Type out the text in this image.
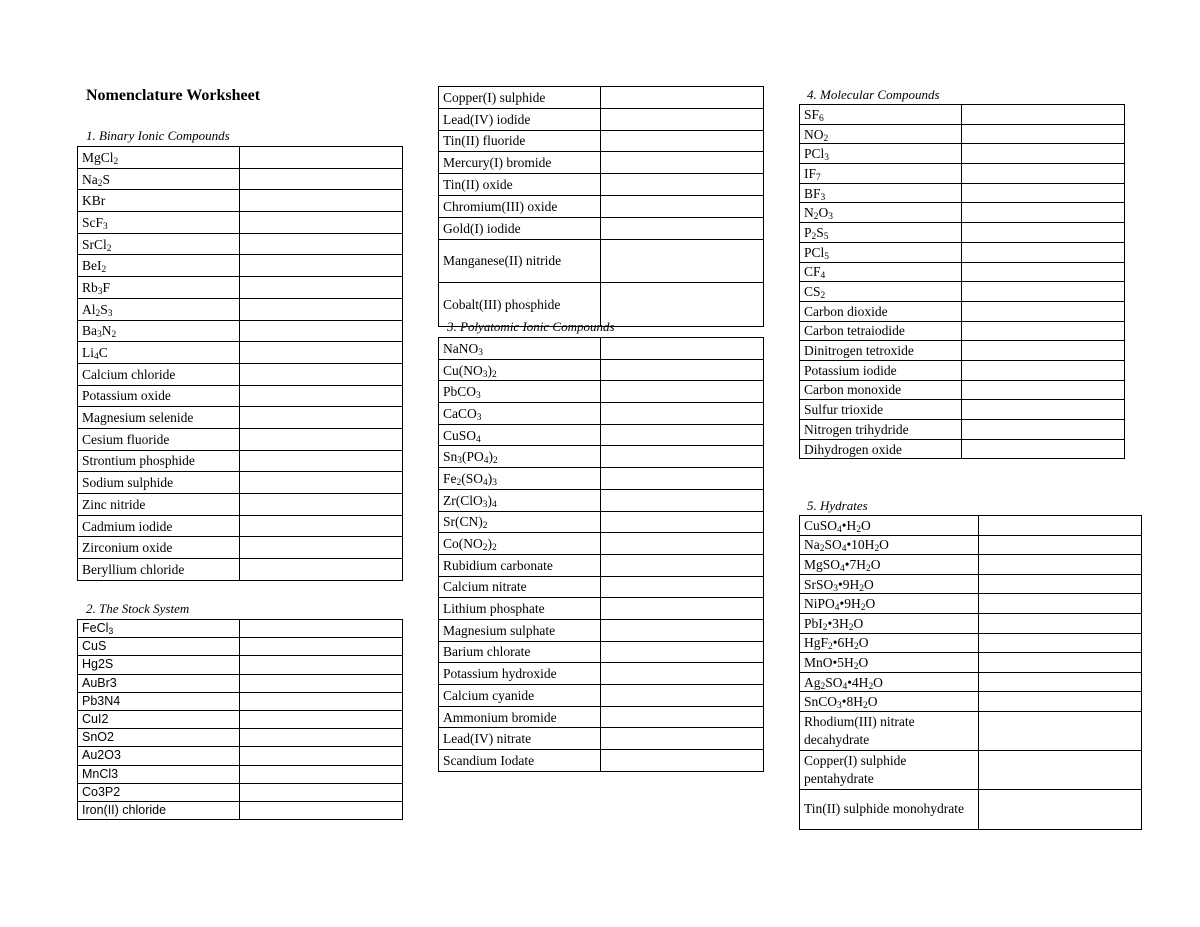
Nomenclature Worksheet

1. Binary Ionic Compounds

MgCl$_2$	
$Na_2S$	
KBr	
ScF$_3$	
SrCl$_2$	
BeI$_2$	
$Rb_3F$	
$Al_2S_3$	
$Ba_3N_2$	
$Li_4C$	
Calcium chloride	
Potassium oxide	
Magnesium selenide	
Cesium fluoride	
Strontium phosphide	
Sodium sulphide	
Zinc nitride	
Cadmium iodide	
Zirconium oxide	
Beryllium chloride	

2. The Stock System

FeCl$_3$	
CuS	
Hg2S	
AuBr3	
Pb3N4	
CuI2	
SnO2	
Au2O3	
MnCl3	
Co3P2	
Iron(II) chloride	
Copper(I) sulphide	
Lead(IV) iodide	
Tin(II) fluoride	
Mercury(I) bromide	
Tin(II) oxide	
Chromium(III) oxide	
Gold(I) iodide	
Manganese(II) nitride	
Cobalt(III) phosphide	

3. Polyatomic Ionic Compounds

NaNO$_3$	
$Cu(NO_3)_2$	
PbCO$_3$	
CaCO$_3$	
CuSO$_4$	
$Sn_3(PO_4)_2$	
$Fe_2(SO_4)_3$	
$Zr(ClO_3)_4$	
$Sr(CN)_2$	
$Co(NO_2)_2$	
Rubidium carbonate	
Calcium nitrate	
Lithium phosphate	
Magnesium sulphate	
Barium chlorate	
Potassium hydroxide	
Calcium cyanide	
Ammonium bromide	
Lead(IV) nitrate	
Scandium Iodate	

4. Molecular Compounds

$SF_6$	
$NO_2$	
PCl$_3$	
$IF_7$	
$BF_3$	
$N_2O_3$	
$P_2S_5$	
PCl$_5$	
$CF_4$	
$CS_2$	
Carbon dioxide	
Carbon tetraiodide	
Dinitrogen tetroxide	
Potassium iodide	
Carbon monoxide	
Sulfur trioxide	
Nitrogen trihydride	
Dihydrogen oxide	

5. Hydrates

$CuSO_4•H_2O$	
$Na_2SO_4•10H_2O$	
$MgSO_4•7H_2O$	
$SrSO_3•9H_2O$	
$NiPO_4•9H_2O$	
$PbI_2•3H_2O$	
$HgF_2•6H_2O$	
$MnO•5H_2O$	
$Ag_2SO_4•4H_2O$	
$SnCO_3•8H_2O$	
Rhodium(III) nitrate decahydrate	
Copper(I) sulphide pentahydrate	
Tin(II) sulphide monohydrate	
